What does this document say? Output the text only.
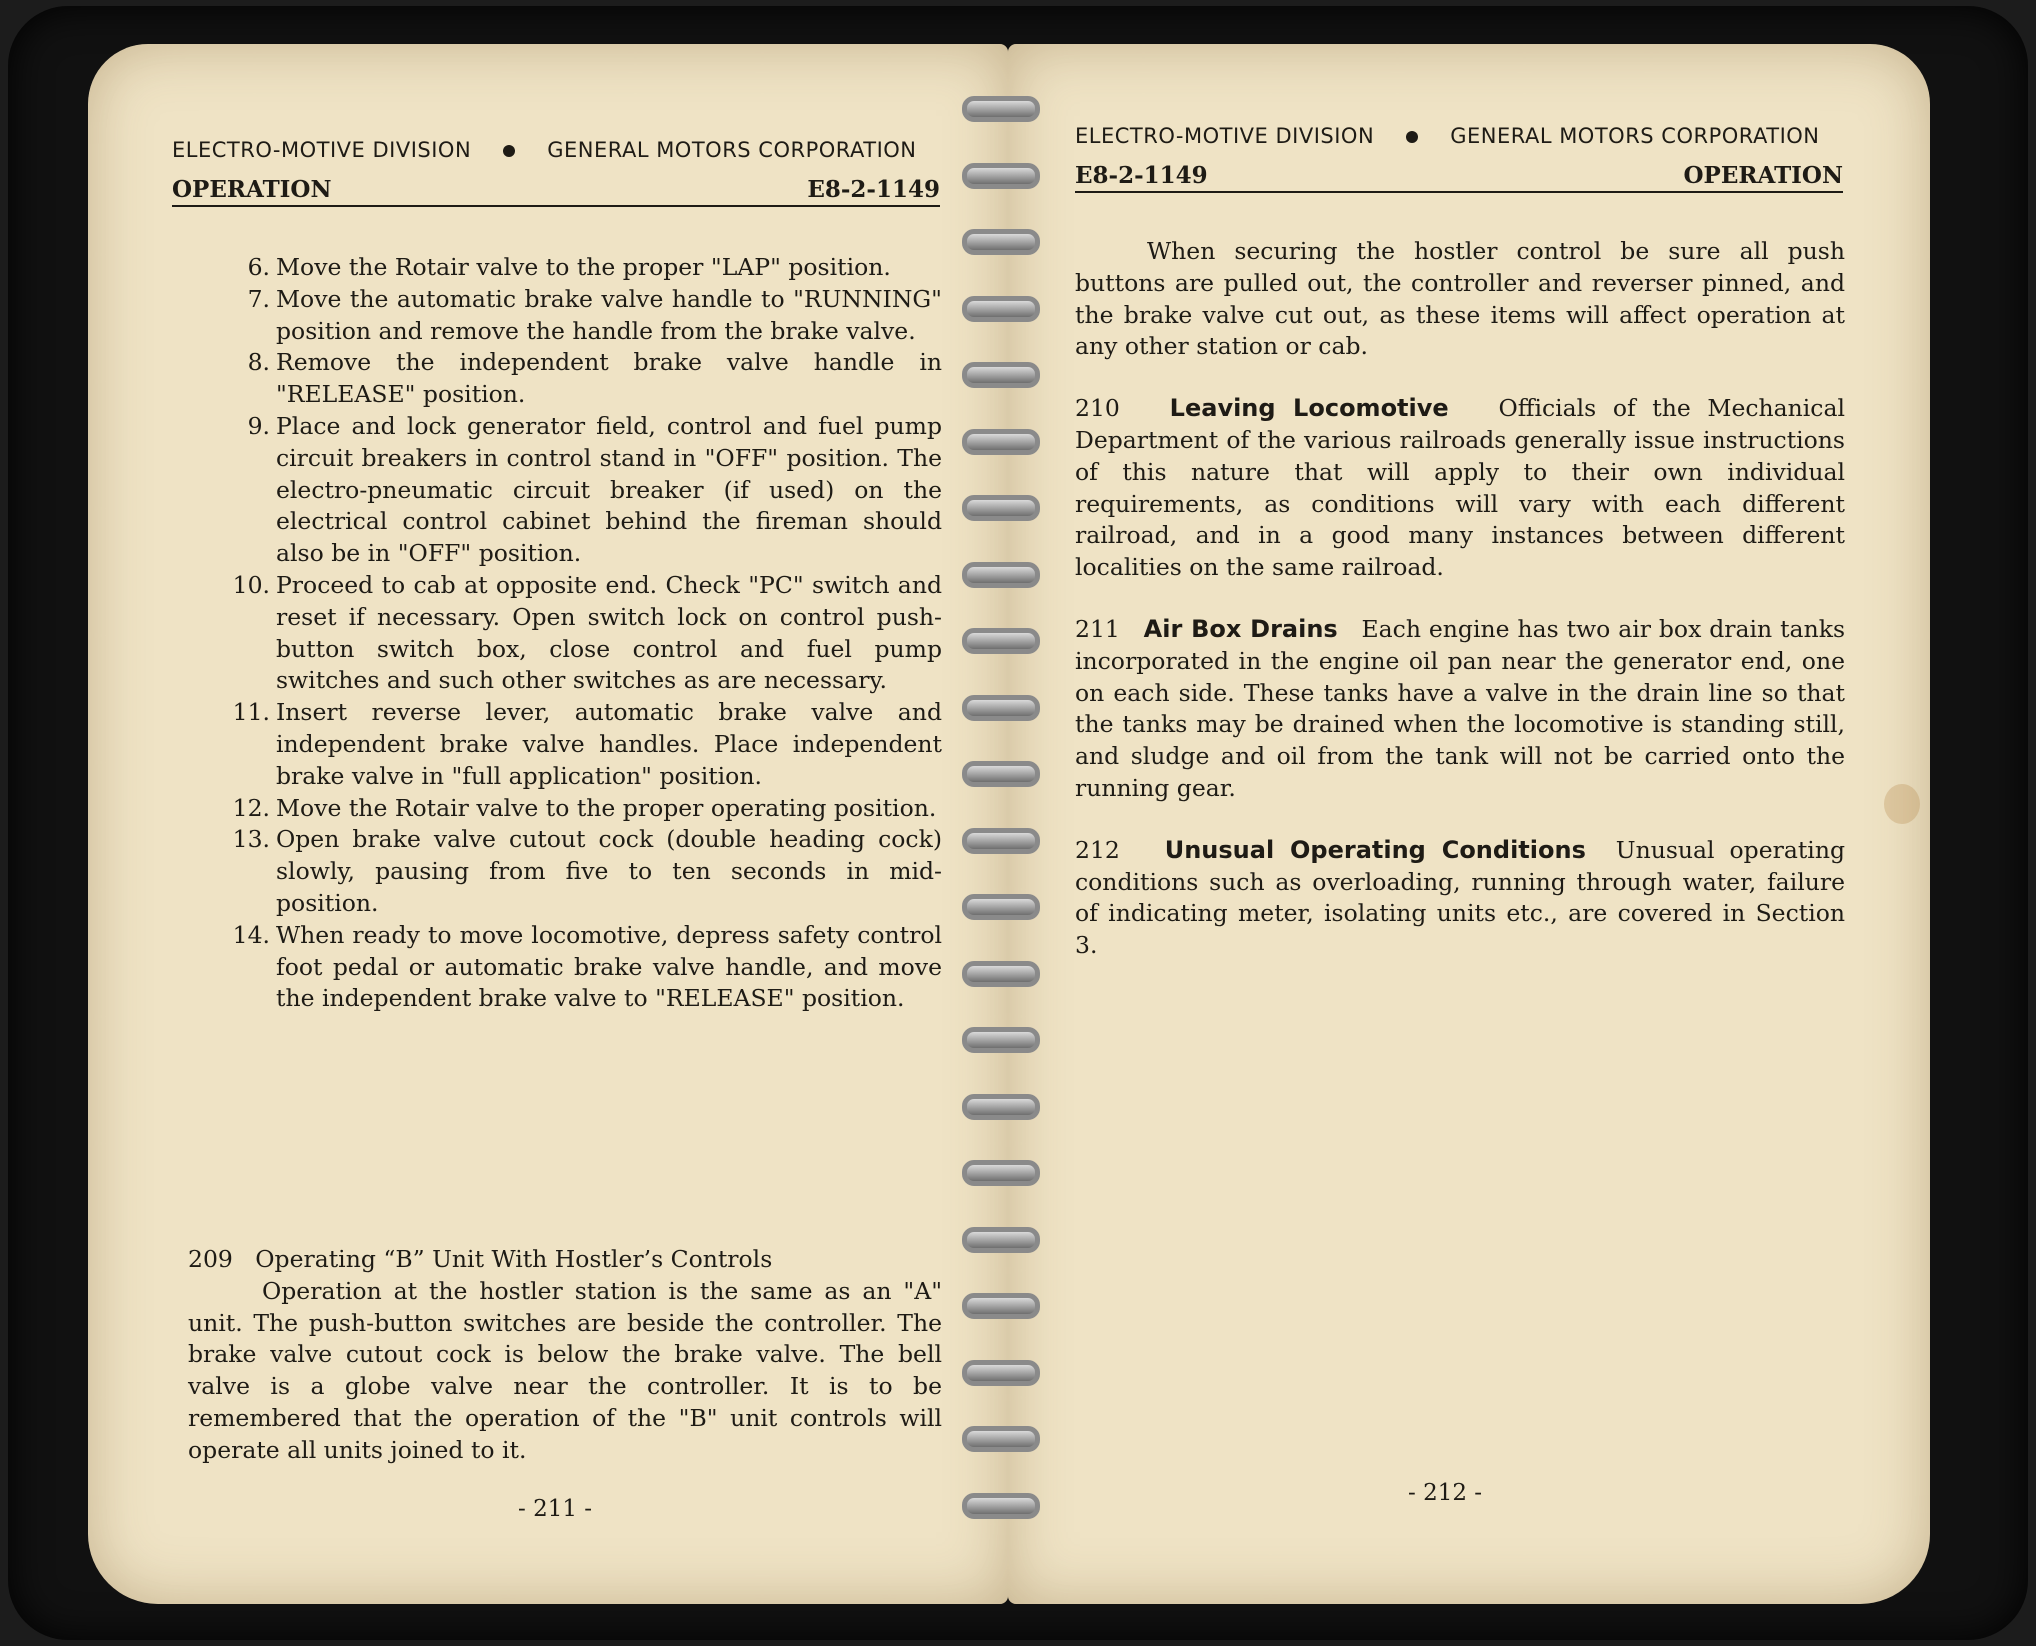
ELECTRO-MOTIVE DIVISION	GENERAL MOTORS CORPORATION
OPERATION	E8-2-1149
6. Move the Rotair valve to the proper "LAP" position.
7. Move the automatic brake valve handle to "RUNNING" position and remove the handle from the brake valve.
8. Remove the independent brake valve handle in "RELEASE" position.
9. Place and lock generator field, control and fuel pump circuit breakers in control stand in "OFF" position. The electro-pneumatic circuit breaker (if used) on the electrical control cabinet behind the fireman should also be in "OFF" position.
10. Proceed to cab at opposite end. Check "PC" switch and reset if necessary. Open switch lock on control push-button switch box, close control and fuel pump switches and such other switches as are necessary.
11. Insert reverse lever, automatic brake valve and independent brake valve handles. Place independent brake valve in "full application" position.
12. Move the Rotair valve to the proper operating position.
13. Open brake valve cutout cock (double heading cock) slowly, pausing from five to ten seconds in mid-position.
14. When ready to move locomotive, depress safety control foot pedal or automatic brake valve handle, and move the independent brake valve to "RELEASE" position.
209 Operating “B” Unit With Hostler’s Controls
Operation at the hostler station is the same as an "A" unit. The push-button switches are beside the controller. The brake valve cutout cock is below the brake valve. The bell valve is a globe valve near the controller. It is to be remembered that the operation of the "B" unit controls will operate all units joined to it.
- 211 -
ELECTRO-MOTIVE DIVISION	GENERAL MOTORS CORPORATION
E8-2-1149	OPERATION
When securing the hostler control be sure all push buttons are pulled out, the controller and reverser pinned, and the brake valve cut out, as these items will affect operation at any other station or cab.
210 Leaving Locomotive Officials of the Mechanical Department of the various railroads generally issue instructions of this nature that will apply to their own individual requirements, as conditions will vary with each different railroad, and in a good many instances between different localities on the same railroad.
211 Air Box Drains Each engine has two air box drain tanks incorporated in the engine oil pan near the generator end, one on each side. These tanks have a valve in the drain line so that the tanks may be drained when the locomotive is standing still, and sludge and oil from the tank will not be carried onto the running gear.
212 Unusual Operating Conditions Unusual operating conditions such as overloading, running through water, failure of indicating meter, isolating units etc., are covered in Section 3.
- 212 -
